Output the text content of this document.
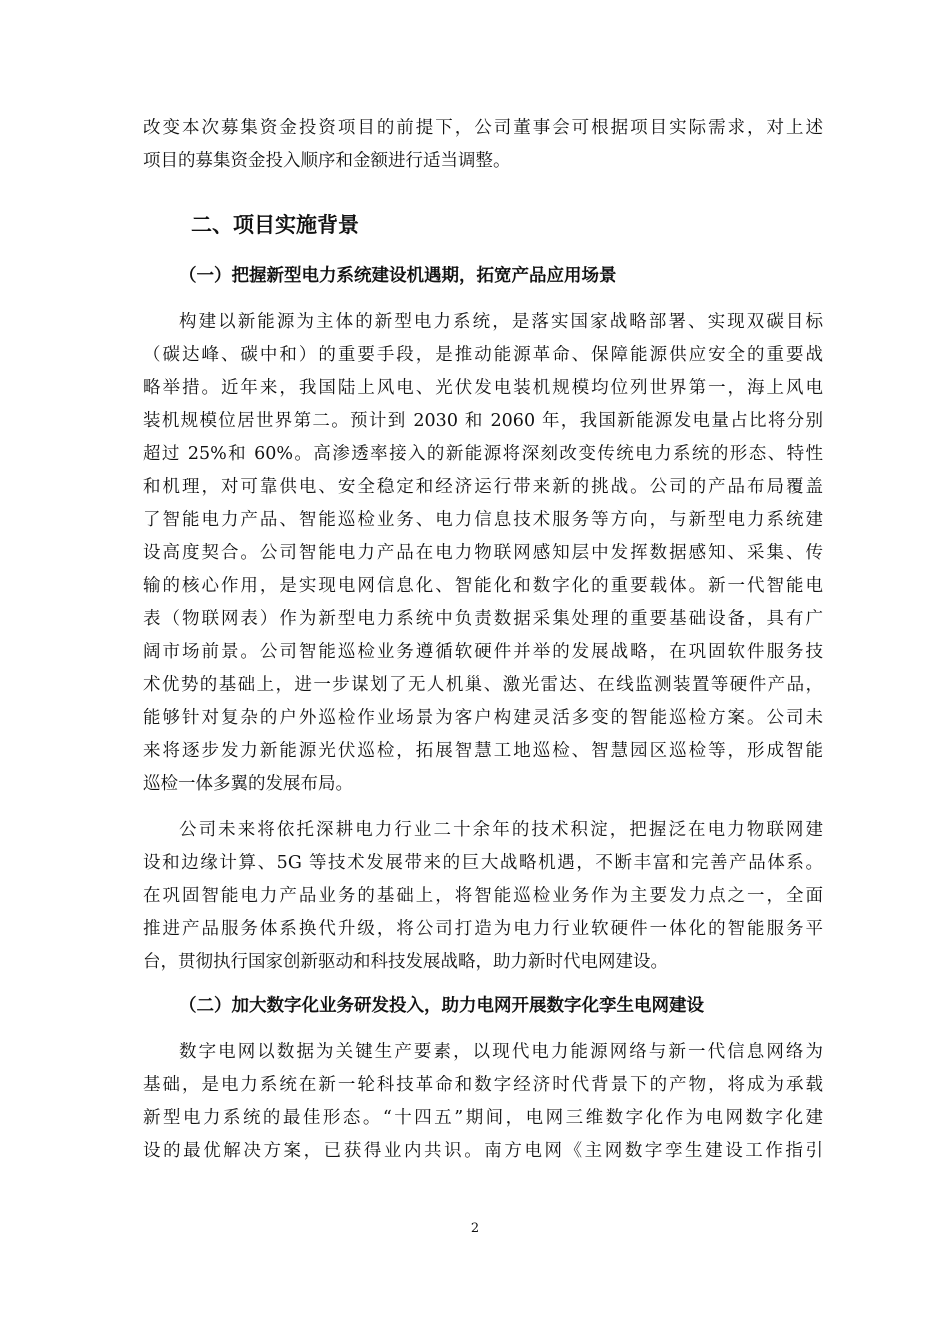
改变本次募集资金投资项目的前提下，公司董事会可根据项目实际需求，对上述

项目的募集资金投入顺序和金额进行适当调整。

二、项目实施背景
（一）把握新型电力系统建设机遇期，拓宽产品应用场景

构建以新能源为主体的新型电力系统，是落实国家战略部署、实现双碳目标

（碳达峰、碳中和）的重要手段，是推动能源革命、保障能源供应安全的重要战

略举措。近年来，我国陆上风电、光伏发电装机规模均位列世界第一，海上风电

装机规模位居世界第二。预计到 2030 和 2060 年，我国新能源发电量占比将分别

超过 25%和 60%。高渗透率接入的新能源将深刻改变传统电力系统的形态、特性

和机理，对可靠供电、安全稳定和经济运行带来新的挑战。公司的产品布局覆盖

了智能电力产品、智能巡检业务、电力信息技术服务等方向，与新型电力系统建

设高度契合。公司智能电力产品在电力物联网感知层中发挥数据感知、采集、传

输的核心作用，是实现电网信息化、智能化和数字化的重要载体。新一代智能电

表（物联网表）作为新型电力系统中负责数据采集处理的重要基础设备，具有广

阔市场前景。公司智能巡检业务遵循软硬件并举的发展战略，在巩固软件服务技

术优势的基础上，进一步谋划了无人机巢、激光雷达、在线监测装置等硬件产品，

能够针对复杂的户外巡检作业场景为客户构建灵活多变的智能巡检方案。公司未

来将逐步发力新能源光伏巡检，拓展智慧工地巡检、智慧园区巡检等，形成智能

巡检一体多翼的发展布局。

公司未来将依托深耕电力行业二十余年的技术积淀，把握泛在电力物联网建

设和边缘计算、5G 等技术发展带来的巨大战略机遇，不断丰富和完善产品体系。

在巩固智能电力产品业务的基础上，将智能巡检业务作为主要发力点之一，全面

推进产品服务体系换代升级，将公司打造为电力行业软硬件一体化的智能服务平

台，贯彻执行国家创新驱动和科技发展战略，助力新时代电网建设。

（二）加大数字化业务研发投入，助力电网开展数字化孪生电网建设

数字电网以数据为关键生产要素，以现代电力能源网络与新一代信息网络为

基础，是电力系统在新一轮科技革命和数字经济时代背景下的产物，将成为承载

新型电力系统的最佳形态。“十四五”期间，电网三维数字化作为电网数字化建

设的最优解决方案，已获得业内共识。南方电网《主网数字孪生建设工作指引

2
